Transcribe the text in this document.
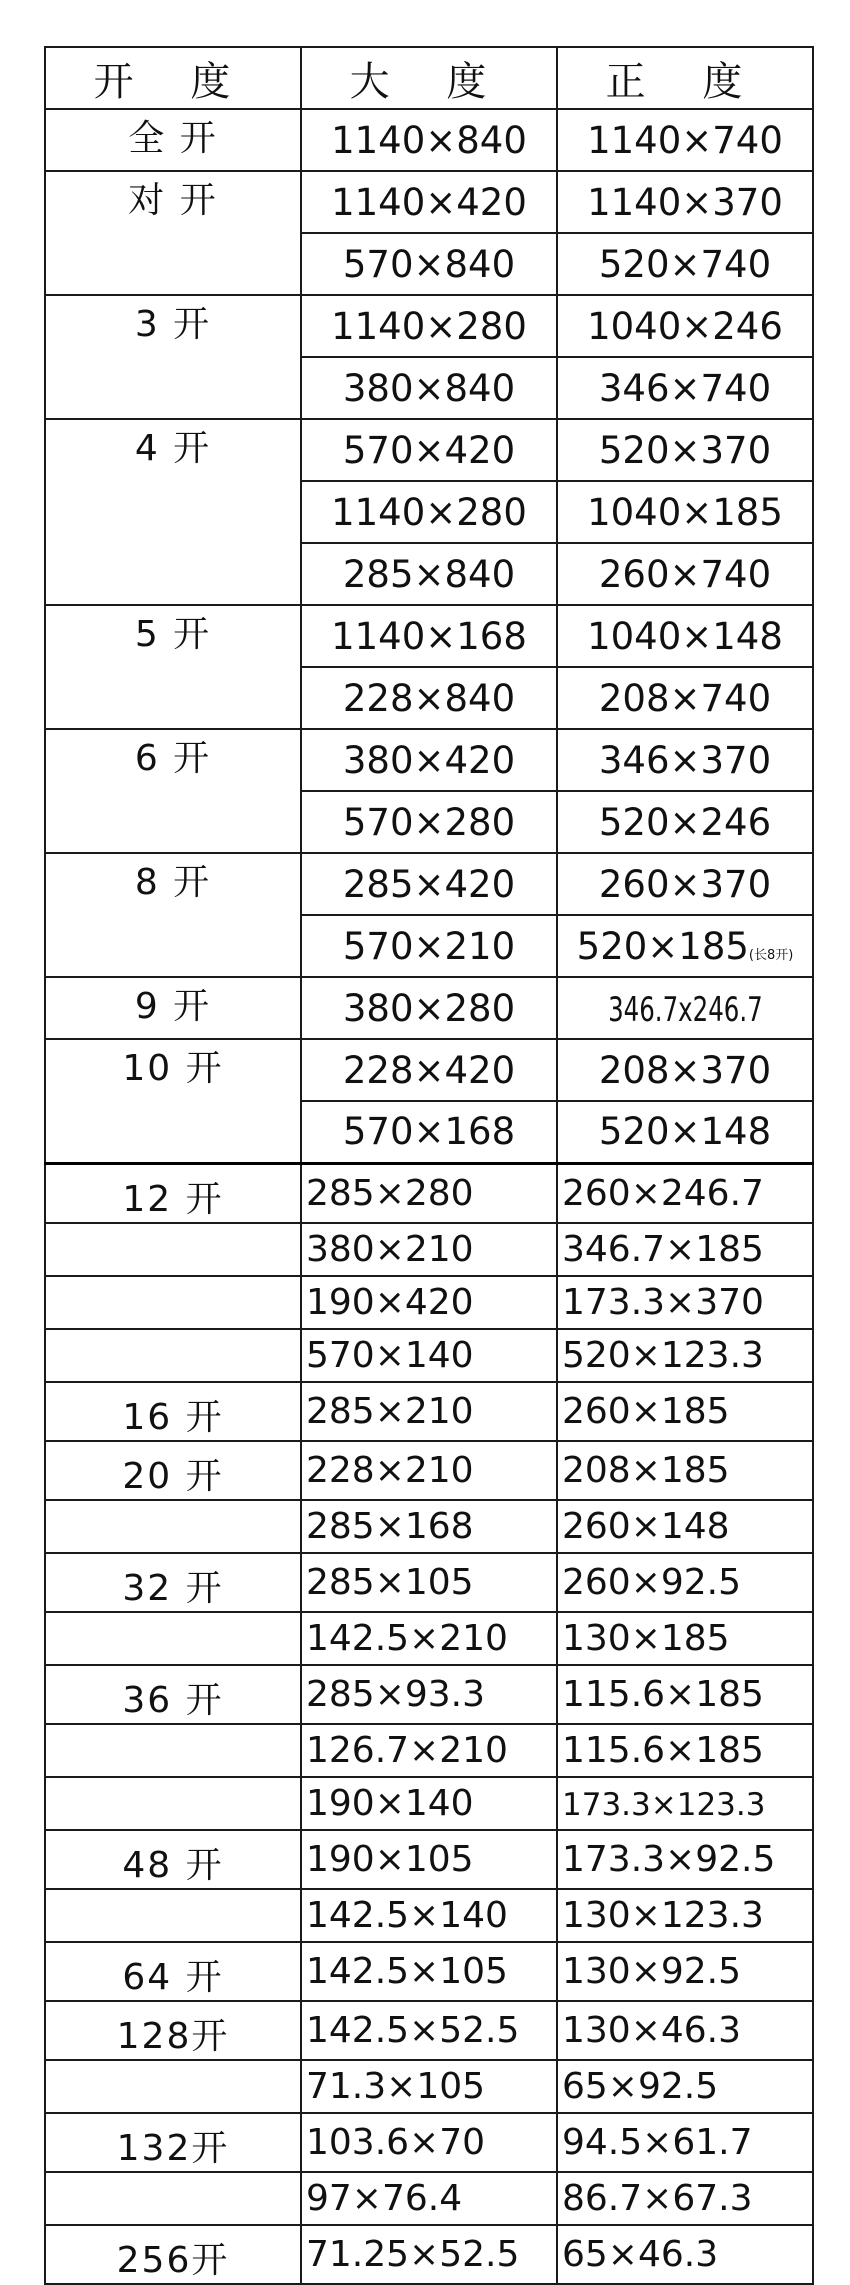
开 度	大 度	正 度
全 开	1140×840	1140×740
对 开	1140×420	1140×370
	570×840	520×740
3 开	1140×280	1040×246
	380×840	346×740
4 开	570×420	520×370
	1140×280	1040×185
	285×840	260×740
5 开	1140×168	1040×148
	228×840	208×740
6 开	380×420	346×370
	570×280	520×246
8 开	285×420	260×370
	570×210	520×185(长8开)
9 开	380×280	346.7x246.7
10 开	228×420	208×370
	570×168	520×148
12 开	285×280	260×246.7
	380×210	346.7×185
	190×420	173.3×370
	570×140	520×123.3
16 开	285×210	260×185
20 开	228×210	208×185
	285×168	260×148
32 开	285×105	260×92.5
	142.5×210	130×185
36 开	285×93.3	115.6×185
	126.7×210	115.6×185
	190×140	173.3×123.3
48 开	190×105	173.3×92.5
	142.5×140	130×123.3
64 开	142.5×105	130×92.5
128开	142.5×52.5	130×46.3
	71.3×105	65×92.5
132开	103.6×70	94.5×61.7
	97×76.4	86.7×67.3
256开	71.25×52.5	65×46.3
